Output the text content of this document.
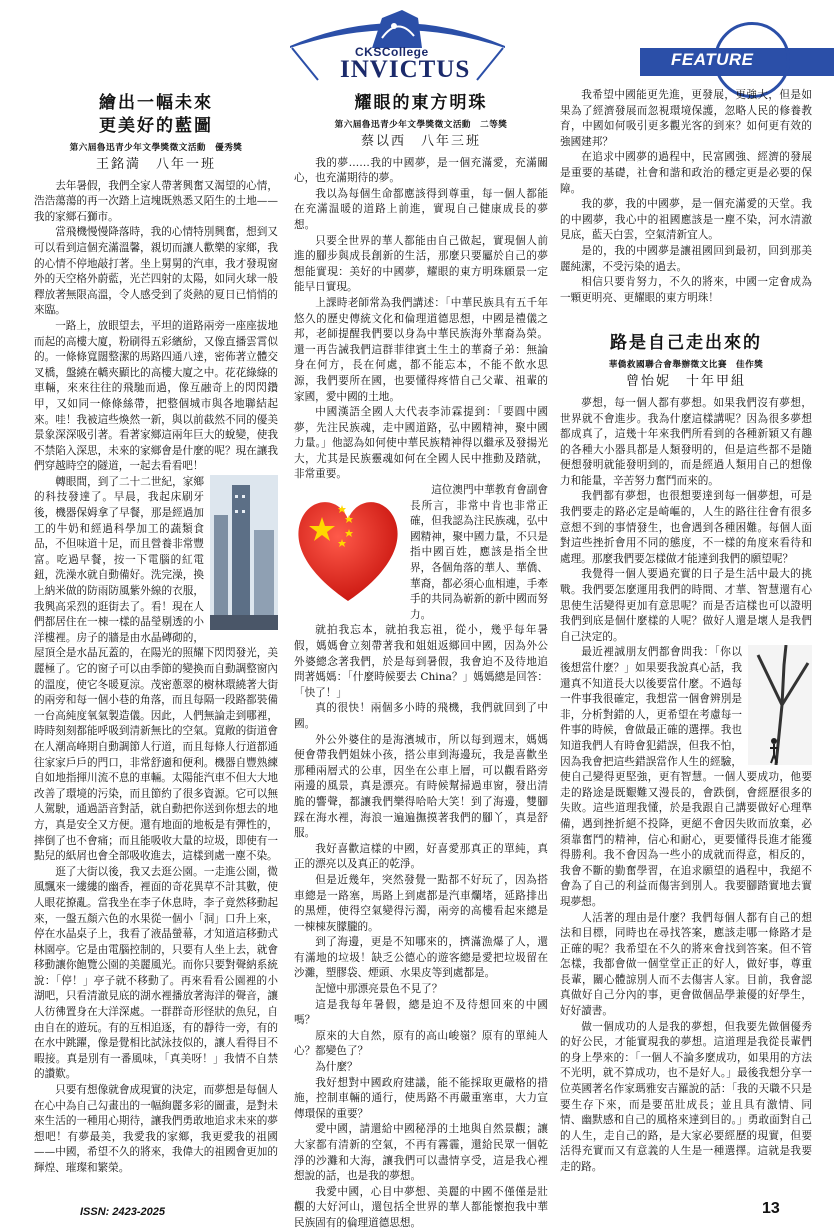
CKSCollege
INVICTUS	FEATURE
繪出一幅未來
更美好的藍圖
第六屆魯迅青少年文學獎徵文活動　優秀獎
王銘満　八年一班

去年暑假，我們全家人帶著興奮又渴望的心情，浩浩蕩蕩的再一次踏上這塊既熟悉又陌生的土地——我的家鄉石獅市。

當飛機慢慢降落時，我的心情特別興奮，想到又可以看到這個充滿溫馨，親切而讓人歡樂的家鄉，我的心情不停地敲打著。坐上舅舅的汽車，我才發現窗外的天空格外蔚藍，光芒四射的太陽，如同火球一般釋放著無限高溫，令人感受到了炎熱的夏日已悄悄的來臨。

一路上，放眼望去，平坦的道路兩旁一座座拔地而起的高樓大廈，粉刷得五彩繽紛，又像直播雲霄似的。一條條寬闊整潔的馬路四通八達，密佈著立體交叉橋，盤繞在轎夾顯比的高樓大廈之中。花花綠綠的車輛，來來往往的飛馳而過，像互融奇上的閃閃鑽甲，又如同一條條絲帶，把整個城市與各地聯結起來。哇！我被這些煥然一新，與以前截然不同的優美景象深深吸引著。看著家鄉這兩年巨大的蛻變，使我不禁陷入深思，未來的家鄉會是什麼的呢？現在讓我們穿越時空的隧道，一起去看看吧！

轉眼間，到了二十二世紀，家鄉的科技發達了。早晨，我起床刷牙後，機器保姆拿了早餐，那是經過加工的牛奶和經過科學加工的蔬類食品，不但味道十足，而且營養非常豐富。吃過早餐，按一下電腦的紅電鈕，洗澡水就自動備好。洗完澡，換上納米做的防雨防風紫外線的衣服，我興高采烈的逛街去了。看！現在人們都居住在一棟一樣的晶瑩剔透的小洋樓裡。房子的牆是由水晶磚砌的，屋頂全是水晶瓦蓋的，在陽光的照耀下閃閃發光，美麗極了。它的窗子可以由季節的變換而自動調整窗內的溫度，使它冬暖夏涼。茂密蔥翠的樹林環繞著大街的兩旁和每一個小巷的角落，而且每隔一段路都裝備一台高純度氧氣製造儀。因此，人們無論走到哪裡，時時刻刻都能呼吸到清新無比的空氣。寬敞的街道會在人潮高峰期自動調節人行道，而且每條人行道都通往家家戶戶的門口，非常舒適和便利。機器自豐熟練自如地指揮川流不息的車輛。太陽能汽車不但大大地改善了環境的污染，而且節約了很多資源。它可以無人駕駛，通過語音對話，就自動把你送到你想去的地方，真是安全又方便。還有地面的地板是有彈性的，摔倒了也不會痛；而且能吸收大量的垃圾，即使有一點兒的紙屑也會全部吸收進去，這樣到處一塵不染。

逛了大街以後，我又去逛公園。一走進公園，微風飄來一縷縷的幽香，裡面的奇花異草不計其數，使人眼花撩亂。當我坐在李子休息時，李子竟然移動起來，一盤五顏六色的水果從一個小「洞」口升上來，停在水晶桌子上，我看了液晶螢幕，才知道這移動式林園亭。它是由電腦控制的，只要有人坐上去，就會移動讓你飽覽公園的美麗風光。而你只要對聲納系統說：「停！」亭子就不移動了。再來看看公園裡的小湖吧，只看清澈見底的湖水裡播放著海洋的聲音，讓人彷彿置身在大洋深處。一群群奇形怪狀的魚兒，自由自在的遊玩。有的互相追逐，有的靜待一旁，有的在水中跳躍，像是覺相比試泳技似的，讓人看得目不暇接。真是別有一番風味，「真美呀！」我情不自禁的讚歎。

只要有想像就會成現實的決定，而夢想是每個人在心中為自己勾畫出的一幅絢麗多彩的圖畫，是對未來生活的一種用心期待，讓我們勇敢地追求未來的夢想吧！有夢最美，我愛我的家鄉，我更愛我的祖國——中國，希望不久的將來，我偉大的祖國會更加的輝煌、璀璨和繁榮。

耀眼的東方明珠
第六屆魯迅青少年文學獎徵文活動　二等獎
蔡以西　八年三班

我的夢……我的中國夢，是一個充滿愛，充滿關心，也充滿期待的夢。

我以為每個生命都應該得到尊重，每一個人都能在充滿温暖的道路上前進，實現自己健康成長的夢想。

只要全世界的華人都能由自己做起，實現個人前進的腳步與成長創新的生活，那麼只要屬於自己的夢想能實現：美好的中國夢，耀眼的東方明珠願景一定能早日實現。

上課時老師常為我們講述：「中華民族具有五千年悠久的歷史傳統文化和倫理道德思想，中國是禮儀之邦，老師提醒我們要以身為中華民族海外華裔為榮。還一再告誡我們這群菲律賓土生土的華裔子弟：無論身在何方，長在何處，都不能忘本，不能不飲水思源，我們要所在國，也要懂得疼惜自己父輩、祖輩的家國，愛中國的土地。

中國漢語全國人大代表李沛霖提到：「要圓中國夢，先注民族魂，走中國道路，弘中國精神，聚中國力量。」他認為如何使中華民族精神得以繼承及發揚光大，尤其是民族靈魂如何在全國人民中推動及踏就，非常重要。

這位澳門中華教育會副會長所言，非常中肯也非常正確，但我認為注民族魂，弘中國精神，聚中國力量，不只是指中國百姓，應該是指全世界，各個角落的華人、華僑、華裔，都必須心血相連，手牽手的共同為嶄新的新中國而努力。

就拍我忘本，就拍我忘祖，從小，幾乎每年暑假，媽媽會立刻帶著我和姐姐返鄉回中國，因為外公外婆總念著我們，於是每到暑假，我會迫不及待地追問著媽媽：「什麼時候要去 China？」媽媽總是回答：「快了！」

真的很快！兩個多小時的飛機，我們就回到了中國。

外公外婆住的是海濱城市，所以每到週末，媽媽便會帶我們姐妹小孩，搭公車到海邊玩，我是喜歡坐那種兩層式的公車，因坐在公車上層，可以觀看路旁兩邊的風景，真是漂亮。有時候幫掃過車窗，發出清脆的響聲，都讓我們樂得哈哈大笑！到了海邊，雙腳踩在海水裡，海浪一遍遍撫摸著我們的腳丫，真是舒服。

我好喜歡這樣的中國，好喜愛那真正的單純，真正的漂亮以及真正的乾淨。

但是近幾年，突然發覺一點都不好玩了，因為搭車總是一路塞，馬路上到處都是汽車爛堵，延路排出的黑煙，使得空氣變得污濁，兩旁的高樓看起來總是一棟棟灰朦朧的。

到了海邊，更是不知哪來的，擠滿漁爆了人，還有滿地的垃圾！缺乏公德心的遊客總是愛把垃圾留在沙灘，塑膠袋、煙頭、水果皮等到處都是。

記憶中那漂亮景色不見了？

這是我每年暑假，總是迫不及待想回來的中國嗎？

原來的大自然，原有的高山峻嶺？原有的單純人心？都變色了？

為什麼？

我好想對中國政府建議，能不能採取更嚴格的措施，控制車輛的通行，使馬路不再嚴重塞車，大力宣傳環保的重要？

愛中國，請還給中國秘淨的土地與自然景觀；讓大家都有清新的空氣，不再有霧霾，還給民眾一個乾淨的沙灘和大海，讓我們可以盡情享受，這是我心裡想說的話，也是我的夢想。

我愛中國，心目中夢想、美麗的中國不僅僅是壯觀的大好河山，還包括全世界的華人都能懷抱我中華民族固有的倫理道德思想。

我希望中國能更先進，更發展，更強大，但是如果為了經濟發展而忽視環境保護，忽略人民的修養教育，中國如何吸引更多觀光客的到來？如何更有效的強國建邦？

在追求中國夢的過程中，民富國強、經濟的發展是重要的基礎，社會和諧和政治的穩定更是必要的保障。

我的夢，我的中國夢，是一個充滿愛的天堂。我的中國夢，我心中的祖國應該是一塵不染，河水清澈見底，藍天白雲，空氣清新宜人。

是的，我的中國夢是讓祖國回到最初，回到那美麗純潔，不受污染的過去。

相信只要肯努力，不久的將來，中國一定會成為一顆更明亮、更耀眼的東方明珠！

路是自己走出來的
華僑救國聯合會舉辦徵文比賽　佳作獎
曾怡妮　十年甲組

夢想，每一個人都有夢想。如果我們沒有夢想，世界就不會進步。我為什麼這樣講呢？因為很多夢想都成真了，這幾十年來我們所看到的各種新穎又有趣的各種大小器具都是人類發明的，但是這些都不是隨便想發明就能發明到的，而是經過人類用自己的想像力和能量，辛苦努力奮鬥而來的。

我們都有夢想，也很想要達到每一個夢想，可是我們要走的路必定是崎嶇的，人生的路往往會有很多意想不到的事情發生，也會遇到各種困難。每個人面對這些挫折會用不同的態度，不一樣的角度來看待和處理。那麼我們要怎樣做才能達到我們的願望呢？

我覺得一個人要過充實的日子是生活中最大的挑戰。我們要怎麼運用我們的時間、才華、智慧還有心思使生活變得更加有意思呢？而是否這樣也可以證明我們到底是個什麼樣的人呢？做好人還是壞人是我們自己決定的。

最近裡誠朋友們都會問我：「你以後想當什麼？」如果要我說真心話，我還真不知道長大以後要當什麼。不過每一件事我很確定，我想當一個會辨別是非，分析對錯的人，更希望在考慮每一件事的時候，會做最正確的選擇。我也知道我們人有時會犯錯誤，但我不怕，因為我會把這些錯誤當作人生的經驗，使自己變得更堅強，更有智慧。一個人要成功，他要走的路途是既艱難又漫長的，會跌倒，會經歷很多的失敗。這些道理我懂，於是我跟自己講要做好心理準備，遇到挫折絕不投降，更絕不會因失敗而放棄，必須靠奮鬥的精神，信心和耐心，更要懂得長進才能獲得勝利。我不會因為一些小的成就而得意，相反的，我會不斷的勤奮學習，在追求願望的過程中，我絕不會為了自己的利益而傷害到別人。我要腳踏實地去實現夢想。

人活著的理由是什麼？我們每個人都有自己的想法和目標，同時也在尋找答案，應該走哪一條路才是正確的呢？我希望在不久的將來會找到答案。但不管怎樣，我都會做一個堂堂正正的好人，做好事，尊重長輩，關心體諒別人而不去傷害人家。目前，我會認真做好自己分內的事，更會做個品學兼優的好學生，好好讀書。

做一個成功的人是我的夢想，但我要先做個優秀的好公民，才能實現我的夢想。這道理是我從長輩們的身上學來的：「一個人不論多麼成功，如果用的方法不光明，就不算成功，也不是好人。」最後我想分享一位英國著名作家瑪雅安吉羅說的話：「我的天職不只是要生存下來，而是要茁壯成長；並且具有激情、同情、幽默感和自己的風格來達到目的。」勇敢面對自己的人生，走自己的路，是大家必要經歷的現實，但要活得充實而又有意義的人生是一種選擇。這就是我要走的路。

ISSN: 2423-2025	13
